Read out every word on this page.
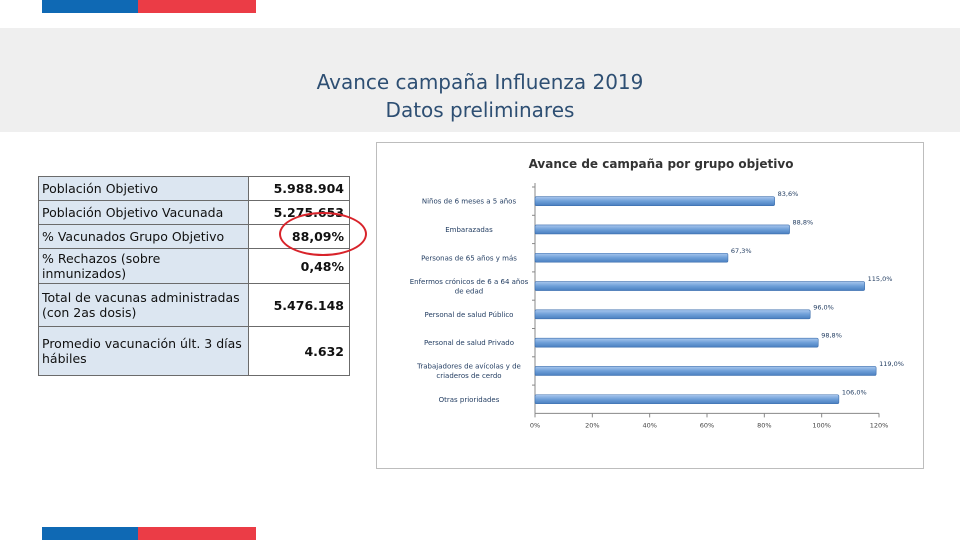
Avance campaña Influenza 2019
Datos preliminares
Población Objetivo	5.988.904
Población Objetivo Vacunada	5.275.653
% Vacunados Grupo Objetivo	88,09%
% Rechazos (sobre inmunizados)	0,48%
Total de vacunas administradas (con 2as dosis)	5.476.148
Promedio vacunación últ. 3 días hábiles	4.632
Avance de campaña por grupo objetivo
0%	20%	40%	60%	80%	100%	120%
Niños de 6 meses a 5 años
83,6%
Embarazadas
88,8%
Personas de 65 años y más
67,3%
Enfermos crónicos de 6 a 64 años
de edad
115,0%
Personal de salud Público
96,0%
Personal de salud Privado
98,8%
Trabajadores de avícolas y de
criaderos de cerdo
119,0%
Otras prioridades
106,0%
